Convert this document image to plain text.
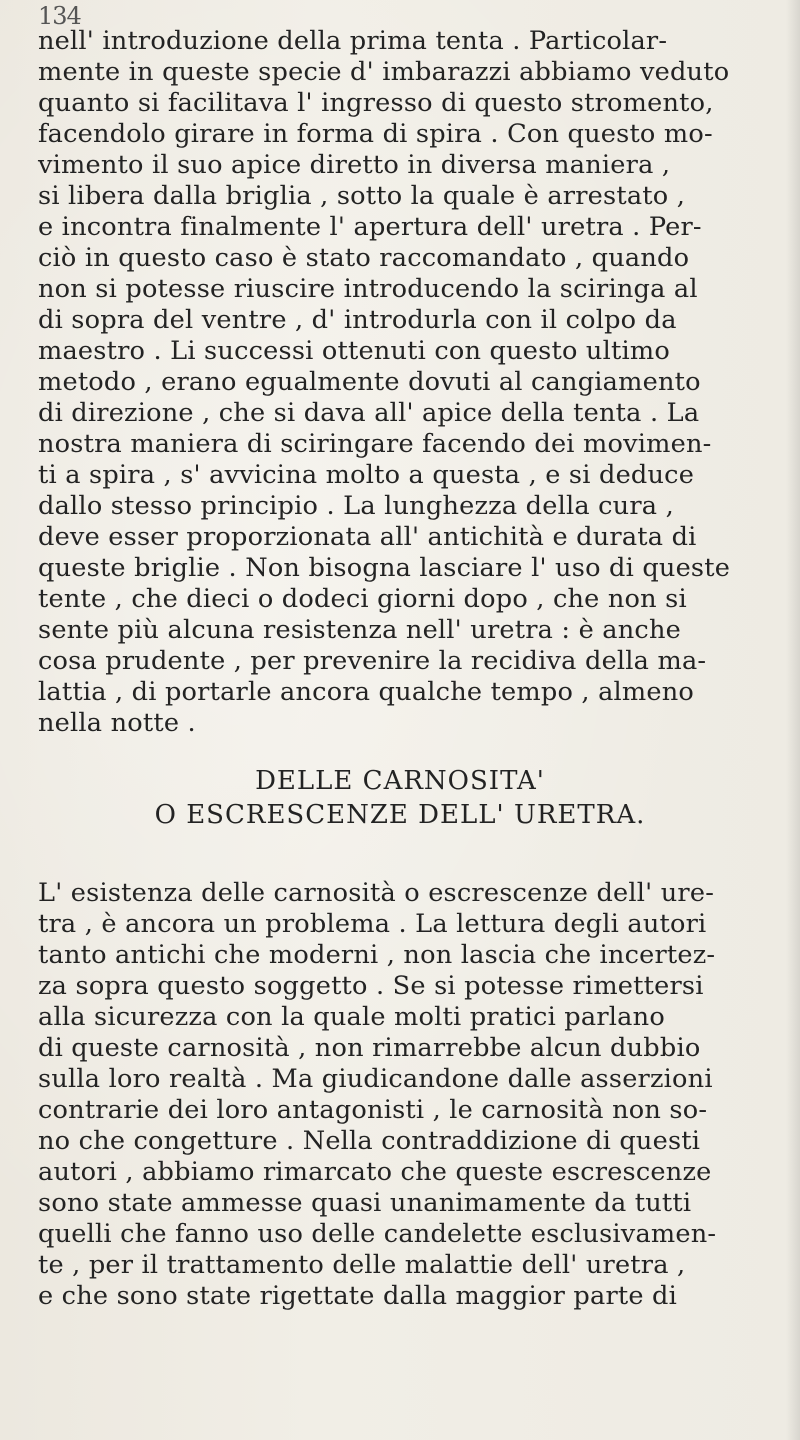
134
nell' introduzione della prima tenta . Particolar-
mente in queste specie d' imbarazzi abbiamo veduto
quanto si facilitava l' ingresso di questo stromento,
facendolo girare in forma di spira . Con questo mo-
vimento il suo apice diretto in diversa maniera ,
si libera dalla briglia , sotto la quale è arrestato ,
e incontra finalmente l' apertura dell' uretra . Per-
ciò in questo caso è stato raccomandato , quando
non si potesse riuscire introducendo la sciringa al
di sopra del ventre , d' introdurla con il colpo da
maestro . Li successi ottenuti con questo ultimo
metodo , erano egualmente dovuti al cangiamento
di direzione , che si dava all' apice della tenta . La
nostra maniera di sciringare facendo dei movimen-
ti a spira , s' avvicina molto a questa , e si deduce
dallo stesso principio . La lunghezza della cura ,
deve esser proporzionata all' antichità e durata di
queste briglie . Non bisogna lasciare l' uso di queste
tente , che dieci o dodeci giorni dopo , che non si
sente più alcuna resistenza nell' uretra : è anche
cosa prudente , per prevenire la recidiva della ma-
lattia , di portarle ancora qualche tempo , almeno
nella notte .
DELLE CARNOSITA'
O ESCRESCENZE DELL' URETRA.
L' esistenza delle carnosità o escrescenze dell' ure-
tra , è ancora un problema . La lettura degli autori
tanto antichi che moderni , non lascia che incertez-
za sopra questo soggetto . Se si potesse rimettersi
alla sicurezza con la quale molti pratici parlano
di queste carnosità , non rimarrebbe alcun dubbio
sulla loro realtà . Ma giudicandone dalle asserzioni
contrarie dei loro antagonisti , le carnosità non so-
no che congetture . Nella contraddizione di questi
autori , abbiamo rimarcato che queste escrescenze
sono state ammesse quasi unanimamente da tutti
quelli che fanno uso delle candelette esclusivamen-
te , per il trattamento delle malattie dell' uretra ,
e che sono state rigettate dalla maggior parte di
